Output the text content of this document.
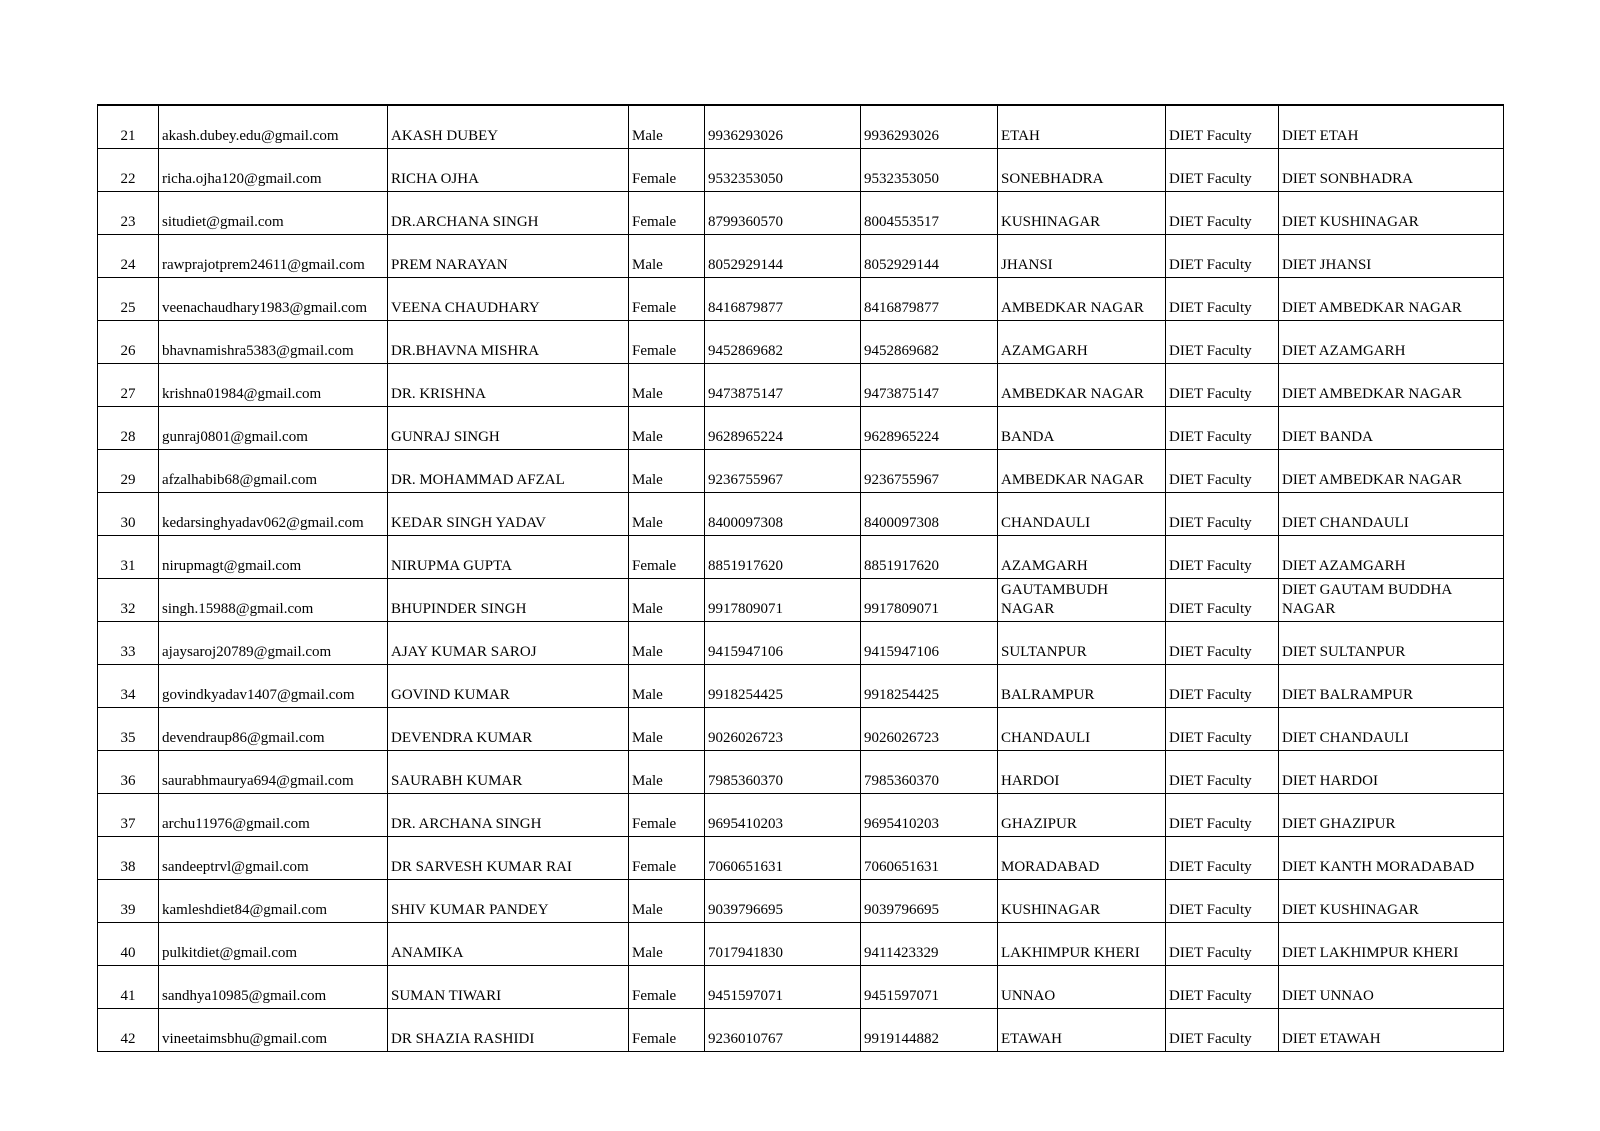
21	akash.dubey.edu@gmail.com	AKASH DUBEY	Male	9936293026	9936293026	ETAH	DIET Faculty	DIET ETAH
22	richa.ojha120@gmail.com	RICHA OJHA	Female	9532353050	9532353050	SONEBHADRA	DIET Faculty	DIET SONBHADRA
23	situdiet@gmail.com	DR.ARCHANA SINGH	Female	8799360570	8004553517	KUSHINAGAR	DIET Faculty	DIET KUSHINAGAR
24	rawprajotprem24611@gmail.com	PREM NARAYAN	Male	8052929144	8052929144	JHANSI	DIET Faculty	DIET JHANSI
25	veenachaudhary1983@gmail.com	VEENA CHAUDHARY	Female	8416879877	8416879877	AMBEDKAR NAGAR	DIET Faculty	DIET AMBEDKAR NAGAR
26	bhavnamishra5383@gmail.com	DR.BHAVNA MISHRA	Female	9452869682	9452869682	AZAMGARH	DIET Faculty	DIET AZAMGARH
27	krishna01984@gmail.com	DR. KRISHNA	Male	9473875147	9473875147	AMBEDKAR NAGAR	DIET Faculty	DIET AMBEDKAR NAGAR
28	gunraj0801@gmail.com	GUNRAJ SINGH	Male	9628965224	9628965224	BANDA	DIET Faculty	DIET BANDA
29	afzalhabib68@gmail.com	DR. MOHAMMAD AFZAL	Male	9236755967	9236755967	AMBEDKAR NAGAR	DIET Faculty	DIET AMBEDKAR NAGAR
30	kedarsinghyadav062@gmail.com	KEDAR SINGH YADAV	Male	8400097308	8400097308	CHANDAULI	DIET Faculty	DIET CHANDAULI
31	nirupmagt@gmail.com	NIRUPMA GUPTA	Female	8851917620	8851917620	AZAMGARH	DIET Faculty	DIET AZAMGARH
32	singh.15988@gmail.com	BHUPINDER SINGH	Male	9917809071	9917809071	GAUTAMBUDH NAGAR	DIET Faculty	DIET GAUTAM BUDDHA NAGAR
33	ajaysaroj20789@gmail.com	AJAY KUMAR SAROJ	Male	9415947106	9415947106	SULTANPUR	DIET Faculty	DIET SULTANPUR
34	govindkyadav1407@gmail.com	GOVIND KUMAR	Male	9918254425	9918254425	BALRAMPUR	DIET Faculty	DIET BALRAMPUR
35	devendraup86@gmail.com	DEVENDRA KUMAR	Male	9026026723	9026026723	CHANDAULI	DIET Faculty	DIET CHANDAULI
36	saurabhmaurya694@gmail.com	SAURABH KUMAR	Male	7985360370	7985360370	HARDOI	DIET Faculty	DIET HARDOI
37	archu11976@gmail.com	DR. ARCHANA SINGH	Female	9695410203	9695410203	GHAZIPUR	DIET Faculty	DIET GHAZIPUR
38	sandeeptrvl@gmail.com	DR SARVESH KUMAR RAI	Female	7060651631	7060651631	MORADABAD	DIET Faculty	DIET KANTH MORADABAD
39	kamleshdiet84@gmail.com	SHIV KUMAR PANDEY	Male	9039796695	9039796695	KUSHINAGAR	DIET Faculty	DIET KUSHINAGAR
40	pulkitdiet@gmail.com	ANAMIKA	Male	7017941830	9411423329	LAKHIMPUR KHERI	DIET Faculty	DIET LAKHIMPUR KHERI
41	sandhya10985@gmail.com	SUMAN TIWARI	Female	9451597071	9451597071	UNNAO	DIET Faculty	DIET UNNAO
42	vineetaimsbhu@gmail.com	DR SHAZIA RASHIDI	Female	9236010767	9919144882	ETAWAH	DIET Faculty	DIET ETAWAH
